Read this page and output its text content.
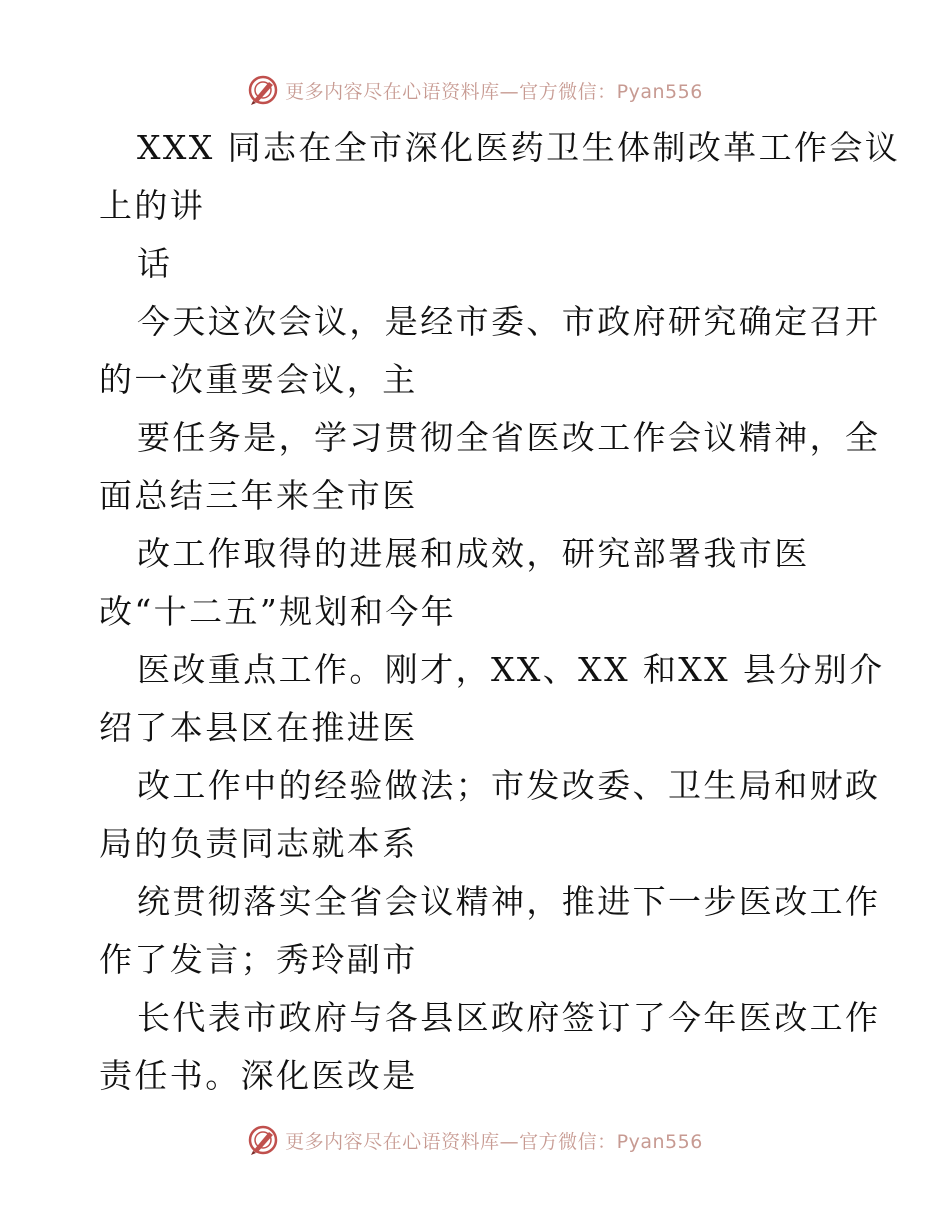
更多内容尽在心语资料库—官方微信：Pyan556
XXX 同志在全市深化医药卫生体制改革工作会议
上的讲
话
今天这次会议，是经市委、市政府研究确定召开
的一次重要会议，主
要任务是，学习贯彻全省医改工作会议精神，全
面总结三年来全市医
改工作取得的进展和成效，研究部署我市医
改“十二五”规划和今年
医改重点工作。刚才，XX、XX 和XX 县分别介
绍了本县区在推进医
改工作中的经验做法；市发改委、卫生局和财政
局的负责同志就本系
统贯彻落实全省会议精神，推进下一步医改工作
作了发言；秀玲副市
长代表市政府与各县区政府签订了今年医改工作
责任书。深化医改是
更多内容尽在心语资料库—官方微信：Pyan556
